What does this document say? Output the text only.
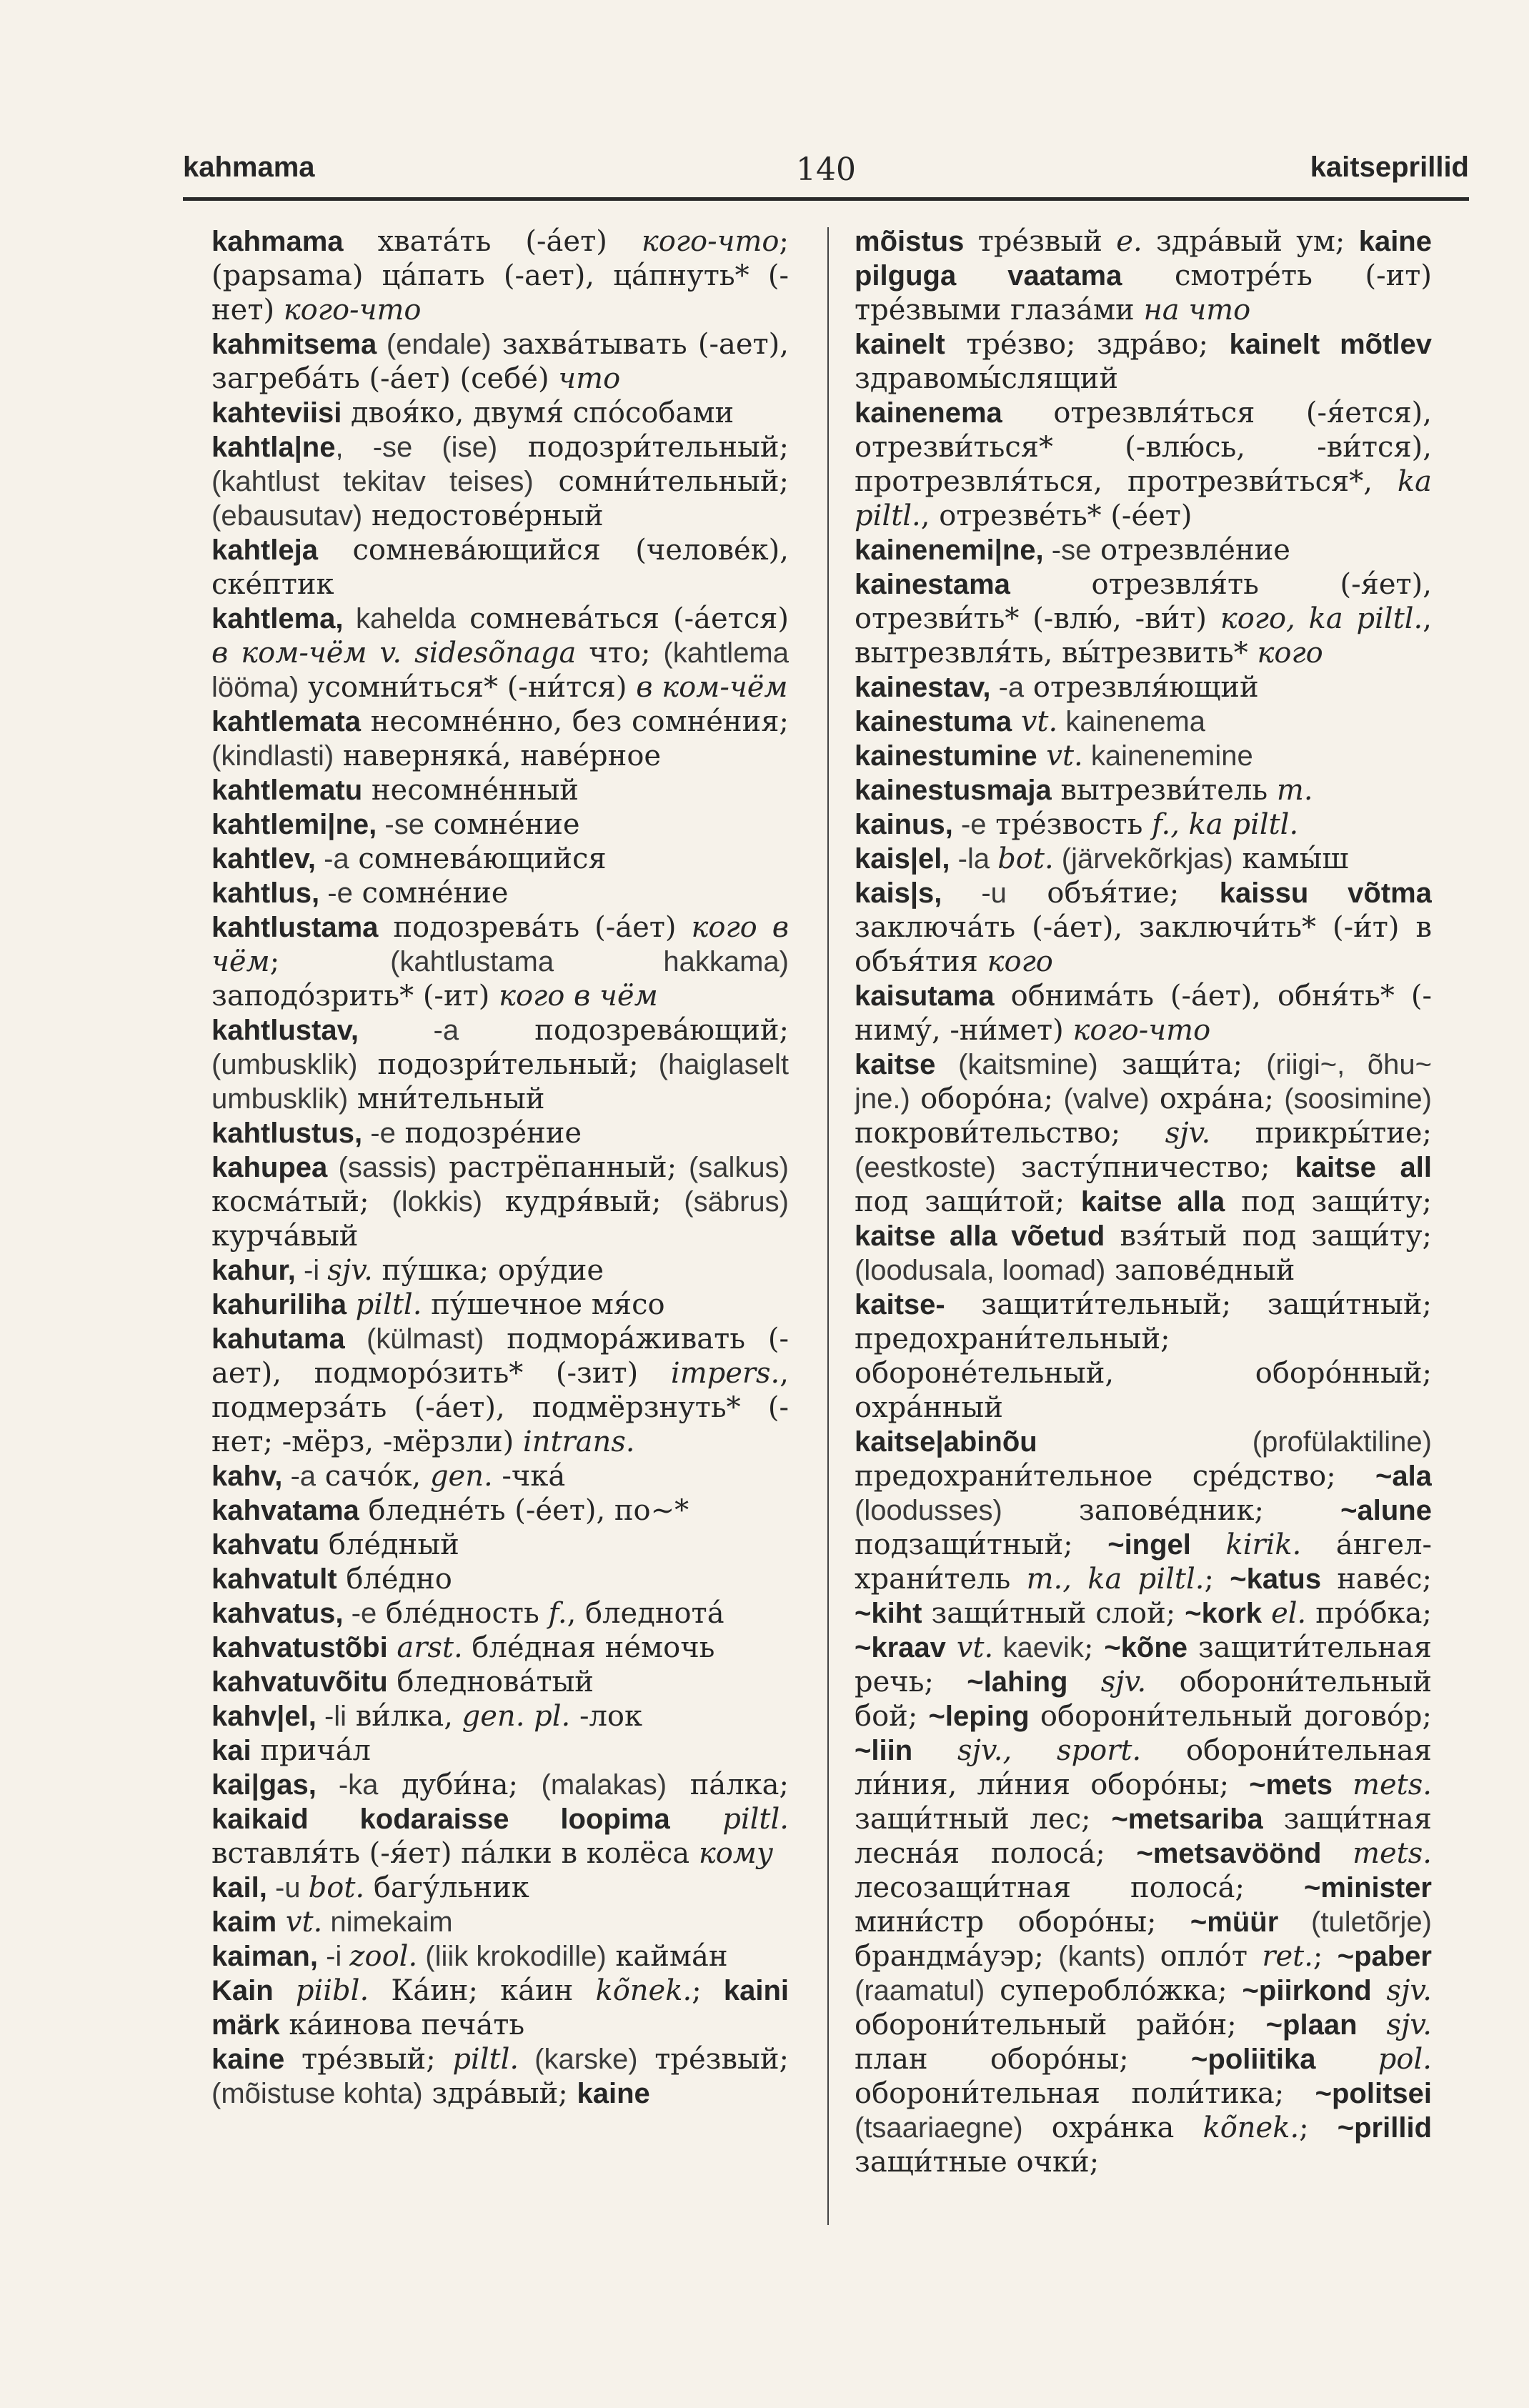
kahmama	140	kaitseprillid

kahmama хвата́ть (-а́ет) кого-что; (papsama) ца́пать (-ает), ца́пнуть* (-нет) кого-что

kahmitsema (endale) захва́тывать (-ает), загреба́ть (-а́ет) (себе́) что

kahteviisi двоя́ко, двумя́ спо́собами

kahtla|ne, -se (ise) подозри́тельный; (kahtlust tekitav teises) сомни́тельный; (ebausutav) недостове́рный

kahtleja сомнева́ющийся (челове́к), скéптик

kahtlema, kahelda сомнева́ться (-а́ется) в ком-чём v. sidesõnaga что; (kahtlema lööma) усомни́ться* (-ни́тся) в ком-чём

kahtlemata несомне́нно, без сомне́ния; (kindlasti) наверняка́, наве́рное

kahtlematu несомне́нный

kahtlemi|ne, -se сомне́ние

kahtlev, -a сомнева́ющийся

kahtlus, -e сомне́ние

kahtlustama подозрева́ть (-а́ет) кого в чём; (kahtlustama hakkama) заподо́зрить* (-ит) кого в чём

kahtlustav, -a подозрева́ющий; (umbusklik) подозри́тельный; (haiglaselt umbusklik) мни́тельный

kahtlustus, -e подозре́ние

kahupea (sassis) растрёпанный; (salkus) косма́тый; (lokkis) кудря́вый; (säbrus) курча́вый

kahur, -i sjv. пу́шка; ору́дие

kahuriliha piltl. пу́шечное мя́со

kahutama (külmast) подморáживать (-ает), подморо́зить* (-зит) impers., подмерза́ть (-а́ет), подмёрзнуть* (-нет; -мёрз, -мёрзли) intrans.

kahv, -a сачо́к, gen. -чка́

kahvatama бледне́ть (-е́ет), по~*

kahvatu бле́дный

kahvatult бле́дно

kahvatus, -e бле́дность f., бледнота́

kahvatustõbi arst. бле́дная не́мочь

kahvatuvõitu бледнова́тый

kahv|el, -li ви́лка, gen. pl. -лок

kai прича́л

kai|gas, -ka дуби́на; (malakas) па́лка; kaikaid kodaraisse loopima piltl. вставля́ть (-я́ет) па́лки в колёса кому

kail, -u bot. багу́льник

kaim vt. nimekaim

kaiman, -i zool. (liik krokodille) кайма́н

Kain piibl. Ка́ин; ка́ин kõnek.; kaini märk ка́инова печа́ть

kaine тре́звый; piltl. (karske) тре́звый; (mõistuse kohta) здра́вый; kaine

mõistus тре́звый e. здра́вый ум; kaine pilguga vaatama смотре́ть (-ит) тре́звыми глаза́ми на что

kainelt тре́зво; здра́во; kainelt mõtlev здравомы́слящий

kainenema отрезвля́ться (-я́ется), отрезви́ться* (-влю́сь, -ви́тся), протрезвля́ться, протрезви́ться*, ka piltl., отрезве́ть* (-е́ет)

kainenemi|ne, -se отрезвле́ние

kainestama отрезвля́ть (-я́ет), отрезви́ть* (-влю́, -ви́т) кого, ka piltl., вытрезвля́ть, вы́трезвить* кого

kainestav, -a отрезвля́ющий

kainestuma vt. kainenema

kainestumine vt. kainenemine

kainestusmaja вытрезви́тель m.

kainus, -e тре́звость f., ka piltl.

kais|el, -la bot. (järvekõrkjas) камы́ш

kais|s, -u объя́тие; kaissu võtma заключа́ть (-а́ет), заключи́ть* (-и́т) в объя́тия кого

kaisutama обнима́ть (-а́ет), обня́ть* (-ниму́, -ни́мет) кого-что

kaitse (kaitsmine) защи́та; (riigi~, õhu~ jne.) оборо́на; (valve) охра́на; (soosimine) покрови́тельство; sjv. прикры́тие; (eestkoste) засту́пничество; kaitse all под защи́той; kaitse alla под защи́ту; kaitse alla võetud взя́тый под защи́ту; (loodusala, loomad) запове́дный

kaitse- защити́тельный; защи́тный; предохрани́тельный; обороне́тельный, оборо́нный; охра́нный

kaitse|abinõu (profülaktiline) предохрани́тельное сре́дство; ~ala (loodusses) запове́дник; ~alune подзащи́тный; ~ingel kirik. а́нгел-храни́тель m., ka piltl.; ~katus наве́с; ~kiht защи́тный слой; ~kork el. про́бка; ~kraav vt. kaevik; ~kõne защити́тельная речь; ~lahing sjv. оборони́тельный бой; ~leping оборони́тельный догово́р; ~liin sjv., sport. оборони́тельная ли́ния, ли́ния оборо́ны; ~mets mets. защи́тный лес; ~metsariba защи́тная лесна́я полоса́; ~metsavöönd mets. лесозащи́тная полоса́; ~minister мини́стр оборо́ны; ~müür (tuletõrje) брандма́уэр; (kants) опло́т ret.; ~paber (raamatul) суперобло́жка; ~piirkond sjv. оборони́тельный райо́н; ~plaan sjv. план оборо́ны; ~poliitika pol. оборони́тельная поли́тика; ~politsei (tsaariaegne) охра́нка kõnek.; ~prillid защи́тные очки́;
